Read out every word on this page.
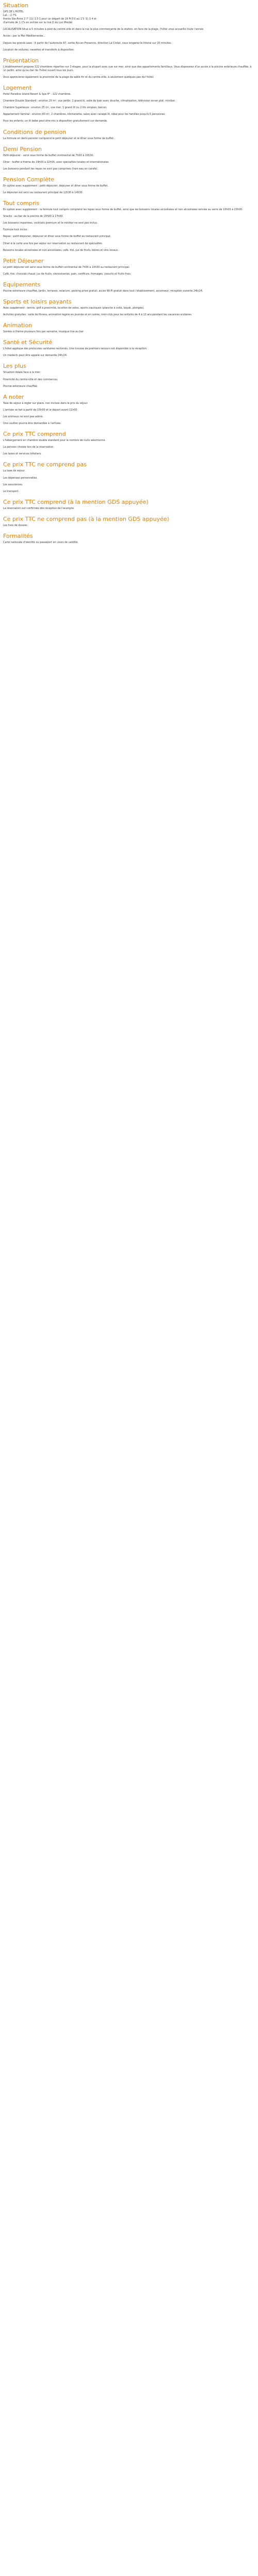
Situation
GPS DE L'HOTEL
Lat. : 2.7%
Pointe Ste-Anne 2:7':11(-1.5'1 pour un départ de 16 Fr.5'0 au 1'3 '1(-3 4 et
d'arrivée de 1 1% en entrée sur la rive D du Luc Mordel
LOCALISATION Situé à 5 minutes à pied du centre-ville et dans la rue la plus commerçante de la station, en face de la plage, l'hôtel vous accueille toute l'année.
Accès : par la Mer Méditerranée...
Depuis les grands axes : A partir de l'autoroute A7, sortie Aix-en-Provence, direction La Ciotat, vous longerez le littoral sur 20 minutes.
Location de voitures, navettes et transferts à disposition.
Présentation
L'établissement propose 122 chambres réparties sur 3 étages, pour la plupart avec vue sur mer, ainsi que des appartements familiaux. Vous disposerez d'un accès à la piscine extérieure chauffée, à un jardin, ainsi qu'au bar de l'hôtel ouvert tous les jours.
Vous apprécierez également la proximité de la plage de sable fin et du centre-ville, à seulement quelques pas de l'hôtel.
Logement
Hotel Paradise Island Resort & Spa 4* : 122 chambres.
Chambre Double Standard : environ 20 m², vue jardin, 1 grand lit, salle de bain avec douche, climatisation, télévision écran plat, minibar.
Chambre Supérieure : environ 25 m², vue mer, 1 grand lit ou 2 lits simples, balcon.
Appartement familial : environ 40 m², 2 chambres, kitchenette, salon avec canapé-lit, idéal pour les familles jusqu'à 5 personnes.
Pour les enfants, un lit bébé peut être mis à disposition gratuitement sur demande.
Conditions de pension
La formule en demi-pension comprend le petit déjeuner et le dîner sous forme de buffet.
Demi Pension
Petit-déjeuner : servi sous forme de buffet continental de 7h00 à 10h30.
Dîner : buffet à thème de 19h00 à 22h00, avec spécialités locales et internationales.
Les boissons pendant les repas ne sont pas comprises (hors eau en carafe).
Pension Complète
En option avec supplément : petit-déjeuner, déjeuner et dîner sous forme de buffet.
Le déjeuner est servi au restaurant principal de 12h30 à 14h30.
Tout compris
En option avec supplément : la formule tout compris comprend les repas sous forme de buffet, ainsi que les boissons locales alcoolisées et non alcoolisées servies au verre de 10h00 à 23h00.
Snacks : au bar de la piscine de 15h00 à 17h00.
Les boissons importées, cocktails premium et le minibar ne sont pas inclus.
Formule tout inclus
Repas : petit-déjeuner, déjeuner et dîner sous forme de buffet au restaurant principal.
Dîner à la carte une fois par séjour sur réservation au restaurant de spécialités.
Boissons locales alcoolisées et non alcoolisées, café, thé, jus de fruits, bières et vins locaux.
Petit Déjeuner
Le petit déjeuner est servi sous forme de buffet continental de 7h00 à 10h30 au restaurant principal.
Café, thé, chocolat chaud, jus de fruits, viennoiseries, pain, confiture, fromages, yaourts et fruits frais.
Equipements
Piscine extérieure chauffée, jardin, terrasse, solarium, parking privé gratuit, accès Wi-Fi gratuit dans tout l'établissement, ascenseur, réception ouverte 24h/24.
Sports et loisirs payants
Avec supplément : tennis, golf à proximité, location de vélos, sports nautiques (planche à voile, kayak, plongée).
Activités gratuites : salle de fitness, animation légère en journée et en soirée, mini-club pour les enfants de 4 à 12 ans pendant les vacances scolaires.
Animation
Soirées à thème plusieurs fois par semaine, musique live au bar.
Santé et Sécurité
L'hôtel applique des protocoles sanitaires renforcés. Une trousse de premiers secours est disponible à la réception.
Un médecin peut être appelé sur demande 24h/24.
Les plus
Situation idéale face à la mer.
Proximité du centre-ville et des commerces.
Piscine extérieure chauffée.
A noter
Taxe de séjour à régler sur place, non incluse dans le prix du séjour.
L'arrivée se fait à partir de 15h00 et le départ avant 11h00.
Les animaux ne sont pas admis.
Une caution pourra être demandée à l'arrivée.
Ce prix TTC comprend
L'hébergement en chambre double standard pour le nombre de nuits sélectionné.
La pension choisie lors de la réservation.
Les taxes et services hôteliers.
Ce prix TTC ne comprend pas
La taxe de séjour.
Les dépenses personnelles.
Les assurances.
Le transport.
Ce prix TTC comprend (à la mention GDS appuyée)
La réservation est confirmée dès réception de l'acompte.
Ce prix TTC ne comprend pas (à la mention GDS appuyée)
Les frais de dossier.
Formalités
Carte nationale d'identité ou passeport en cours de validité.
